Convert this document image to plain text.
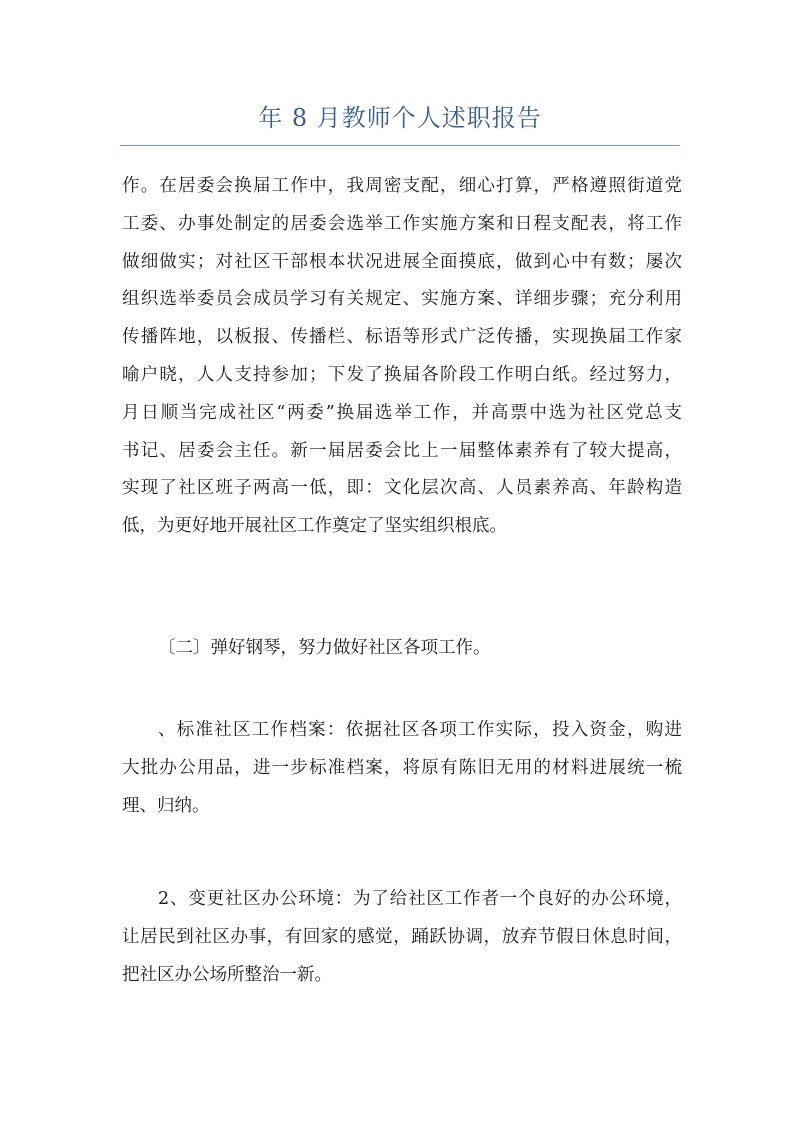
年 8 月教师个人述职报告
作。在居委会换届工作中，我周密支配，细心打算，严格遵照街道党
工委、办事处制定的居委会选举工作实施方案和日程支配表，将工作
做细做实；对社区干部根本状况进展全面摸底，做到心中有数；屡次
组织选举委员会成员学习有关规定、实施方案、详细步骤；充分利用
传播阵地，以板报、传播栏、标语等形式广泛传播，实现换届工作家
喻户晓，人人支持参加；下发了换届各阶段工作明白纸。经过努力，
月日顺当完成社区“两委”换届选举工作，并高票中选为社区党总支
书记、居委会主任。新一届居委会比上一届整体素养有了较大提高，
实现了社区班子两高一低，即：文化层次高、人员素养高、年龄构造
低，为更好地开展社区工作奠定了坚实组织根底。
〔二〕弹好钢琴，努力做好社区各项工作。
、标准社区工作档案：依据社区各项工作实际，投入资金，购进
大批办公用品，进一步标准档案，将原有陈旧无用的材料进展统一梳
理、归纳。
2、变更社区办公环境：为了给社区工作者一个良好的办公环境，
让居民到社区办事，有回家的感觉，踊跃协调，放弃节假日休息时间，
把社区办公场所整治一新。
